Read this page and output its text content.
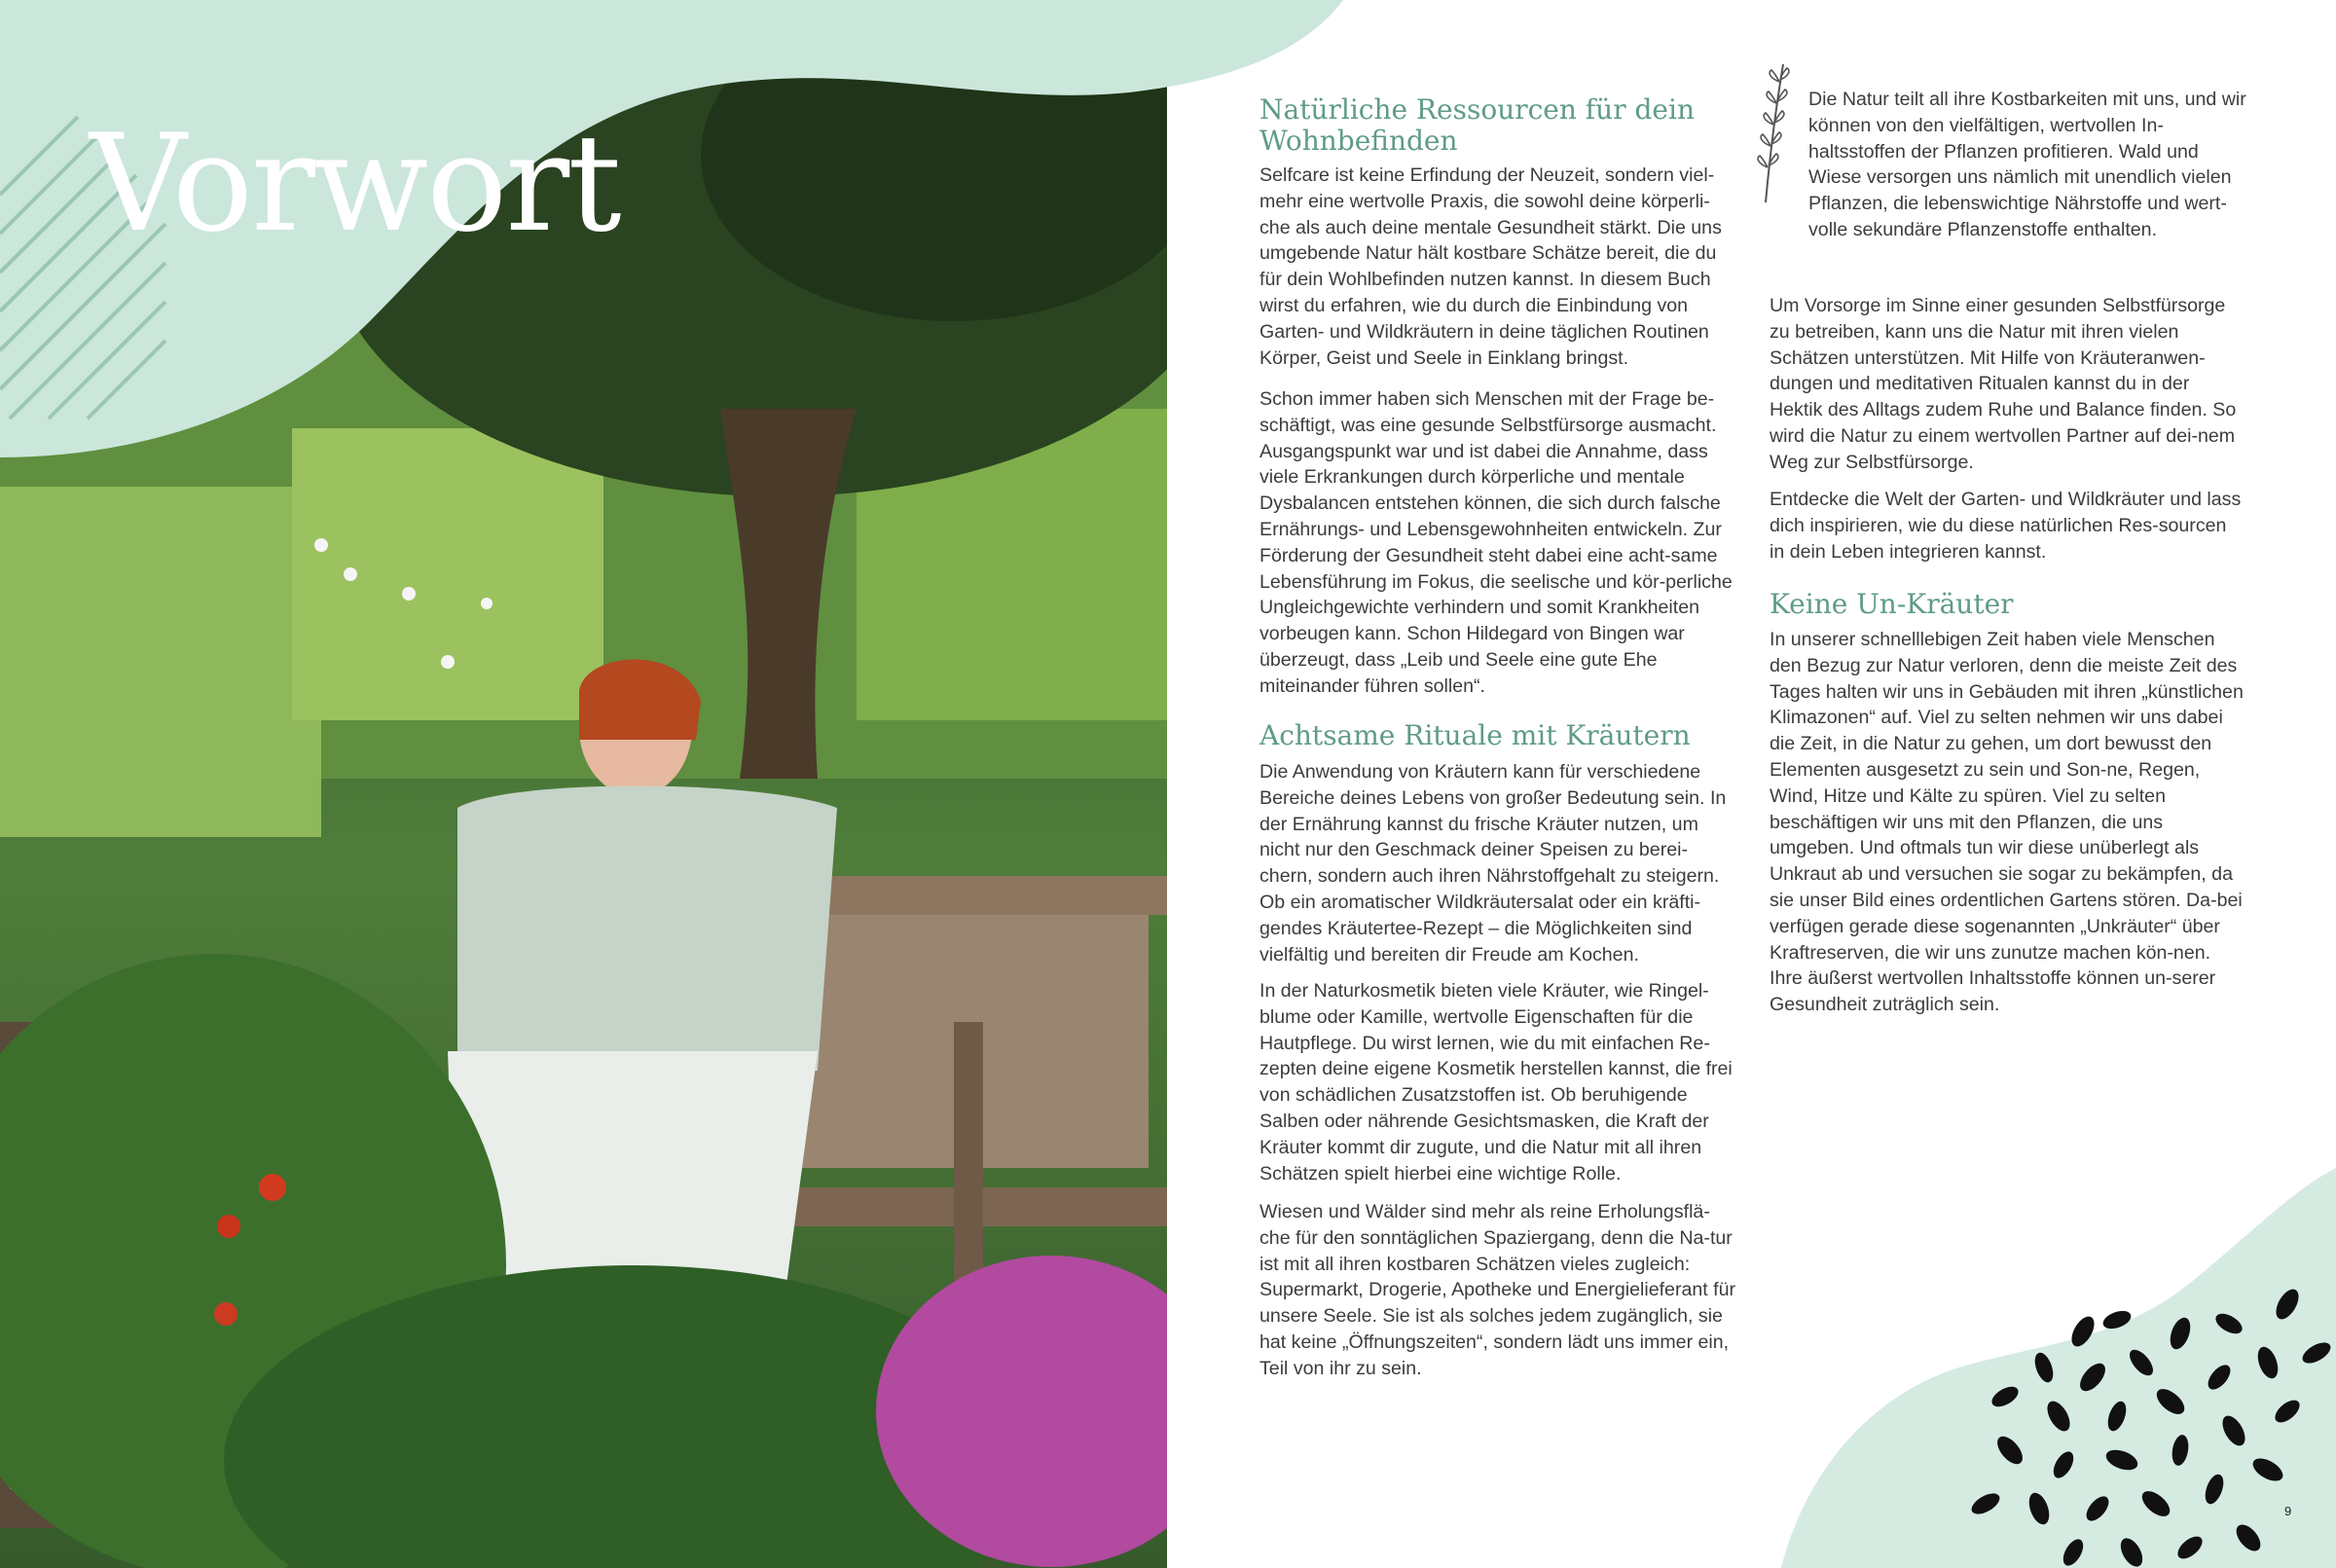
Vorwort	Natürliche Ressourcen für dein Wohnbefinden

Selfcare ist keine Erfindung der Neuzeit, sondern viel-mehr eine wertvolle Praxis, die sowohl deine körperli-che als auch deine mentale Gesundheit stärkt. Die uns umgebende Natur hält kostbare Schätze bereit, die du für dein Wohlbefinden nutzen kannst. In diesem Buch wirst du erfahren, wie du durch die Einbindung von Garten- und Wildkräutern in deine täglichen Routinen Körper, Geist und Seele in Einklang bringst.

Schon immer haben sich Menschen mit der Frage be-schäftigt, was eine gesunde Selbstfürsorge ausmacht. Ausgangspunkt war und ist dabei die Annahme, dass viele Erkrankungen durch körperliche und mentale Dysbalancen entstehen können, die sich durch falsche Ernährungs- und Lebensgewohnheiten entwickeln. Zur Förderung der Gesundheit steht dabei eine acht-same Lebensführung im Fokus, die seelische und kör-perliche Ungleichgewichte verhindern und somit Krankheiten vorbeugen kann. Schon Hildegard von Bingen war überzeugt, dass „Leib und Seele eine gute Ehe miteinander führen sollen“.

Achtsame Rituale mit Kräutern

Die Anwendung von Kräutern kann für verschiedene Bereiche deines Lebens von großer Bedeutung sein. In der Ernährung kannst du frische Kräuter nutzen, um nicht nur den Geschmack deiner Speisen zu berei-chern, sondern auch ihren Nährstoffgehalt zu steigern. Ob ein aromatischer Wildkräutersalat oder ein kräfti-gendes Kräutertee-Rezept – die Möglichkeiten sind vielfältig und bereiten dir Freude am Kochen.

In der Naturkosmetik bieten viele Kräuter, wie Ringel-blume oder Kamille, wertvolle Eigenschaften für die Hautpflege. Du wirst lernen, wie du mit einfachen Re-zepten deine eigene Kosmetik herstellen kannst, die frei von schädlichen Zusatzstoffen ist. Ob beruhigende Salben oder nährende Gesichtsmasken, die Kraft der Kräuter kommt dir zugute, und die Natur mit all ihren Schätzen spielt hierbei eine wichtige Rolle.

Wiesen und Wälder sind mehr als reine Erholungsflä-che für den sonntäglichen Spaziergang, denn die Na-tur ist mit all ihren kostbaren Schätzen vieles zugleich: Supermarkt, Drogerie, Apotheke und Energielieferant für unsere Seele. Sie ist als solches jedem zugänglich, sie hat keine „Öffnungszeiten“, sondern lädt uns immer ein, Teil von ihr zu sein.

Die Natur teilt all ihre Kostbarkeiten mit uns, und wir können von den vielfältigen, wertvollen In-haltsstoffen der Pflanzen profitieren. Wald und Wiese versorgen uns nämlich mit unendlich vielen Pflanzen, die lebenswichtige Nährstoffe und wert-volle sekundäre Pflanzenstoffe enthalten.

Um Vorsorge im Sinne einer gesunden Selbstfürsorge zu betreiben, kann uns die Natur mit ihren vielen Schätzen unterstützen. Mit Hilfe von Kräuteranwen-dungen und meditativen Ritualen kannst du in der Hektik des Alltags zudem Ruhe und Balance finden. So wird die Natur zu einem wertvollen Partner auf dei-nem Weg zur Selbstfürsorge.

Entdecke die Welt der Garten- und Wildkräuter und lass dich inspirieren, wie du diese natürlichen Res-sourcen in dein Leben integrieren kannst.

Keine Un-Kräuter

In unserer schnelllebigen Zeit haben viele Menschen den Bezug zur Natur verloren, denn die meiste Zeit des Tages halten wir uns in Gebäuden mit ihren „künstlichen Klimazonen“ auf. Viel zu selten nehmen wir uns dabei die Zeit, in die Natur zu gehen, um dort bewusst den Elementen ausgesetzt zu sein und Son-ne, Regen, Wind, Hitze und Kälte zu spüren. Viel zu selten beschäftigen wir uns mit den Pflanzen, die uns umgeben. Und oftmals tun wir diese unüberlegt als Unkraut ab und versuchen sie sogar zu bekämpfen, da sie unser Bild eines ordentlichen Gartens stören. Da-bei verfügen gerade diese sogenannten „Unkräuter“ über Kraftreserven, die wir uns zunutze machen kön-nen. Ihre äußerst wertvollen Inhaltsstoffe können un-serer Gesundheit zuträglich sein.

9
